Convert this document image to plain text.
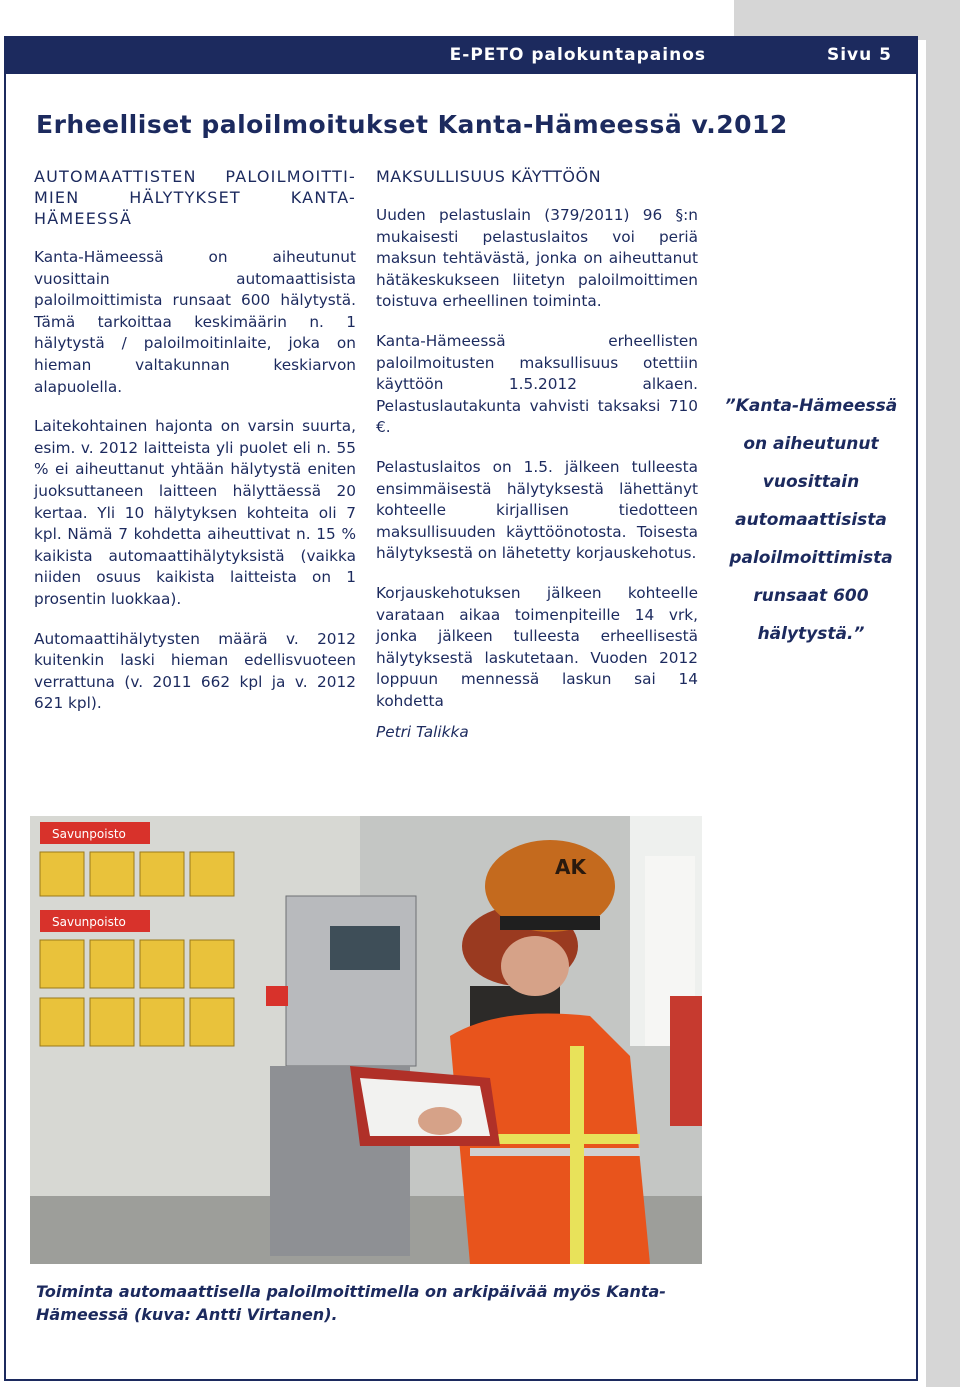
E-PETO palokuntapainos	Sivu 5
Erheelliset paloilmoitukset Kanta-Hämeessä v.2012
AUTOMAATTISTEN PALOILMOITTI-MIEN HÄLYTYKSET KANTA-HÄMEESSÄ

Kanta-Hämeessä on aiheutunut vuosittain automaattisista paloilmoittimista runsaat 600 hälytystä. Tämä tarkoittaa keskimäärin n. 1 hälytystä / paloilmoitinlaite, joka on hieman valtakunnan keskiarvon alapuolella.

Laitekohtainen hajonta on varsin suurta, esim. v. 2012 laitteista yli puolet eli n. 55 % ei aiheuttanut yhtään hälytystä eniten juoksuttaneen laitteen hälyttäessä 20 kertaa. Yli 10 hälytyksen kohteita oli 7 kpl. Nämä 7 kohdetta aiheuttivat n. 15 % kaikista automaattihälytyksistä (vaikka niiden osuus kaikista laitteista on 1 prosentin luokkaa).

Automaattihälytysten määrä v. 2012 kuitenkin laski hieman edellisvuoteen verrattuna (v. 2011 662 kpl ja v. 2012 621 kpl).

MAKSULLISUUS KÄYTTÖÖN

Uuden pelastuslain (379/2011) 96 §:n mukaisesti pelastuslaitos voi periä maksun tehtävästä, jonka on aiheuttanut hätäkeskukseen liitetyn paloilmoittimen toistuva erheellinen toiminta.

Kanta-Hämeessä erheellisten paloilmoitusten maksullisuus otettiin käyttöön 1.5.2012 alkaen. Pelastuslautakunta vahvisti taksaksi 710 €.

Pelastuslaitos on 1.5. jälkeen tulleesta ensimmäisestä hälytyksestä lähettänyt kohteelle kirjallisen tiedotteen maksullisuuden käyttöönotosta. Toisesta hälytyksestä on lähetetty korjauskehotus.

Korjauskehotuksen jälkeen kohteelle varataan aikaa toimenpiteille 14 vrk, jonka jälkeen tulleesta erheellisestä hälytyksestä laskutetaan. Vuoden 2012 loppuun mennessä laskun sai 14 kohdetta

Petri Talikka

”Kanta-Hämeessä on aiheutunut vuosittain automaattisista paloilmoittimista runsaat 600 hälytystä.”
Savunpoisto
Savunpoisto
AK
Toiminta automaattisella paloilmoittimella on arkipäivää myös Kanta-Hämeessä (kuva: Antti Virtanen).
